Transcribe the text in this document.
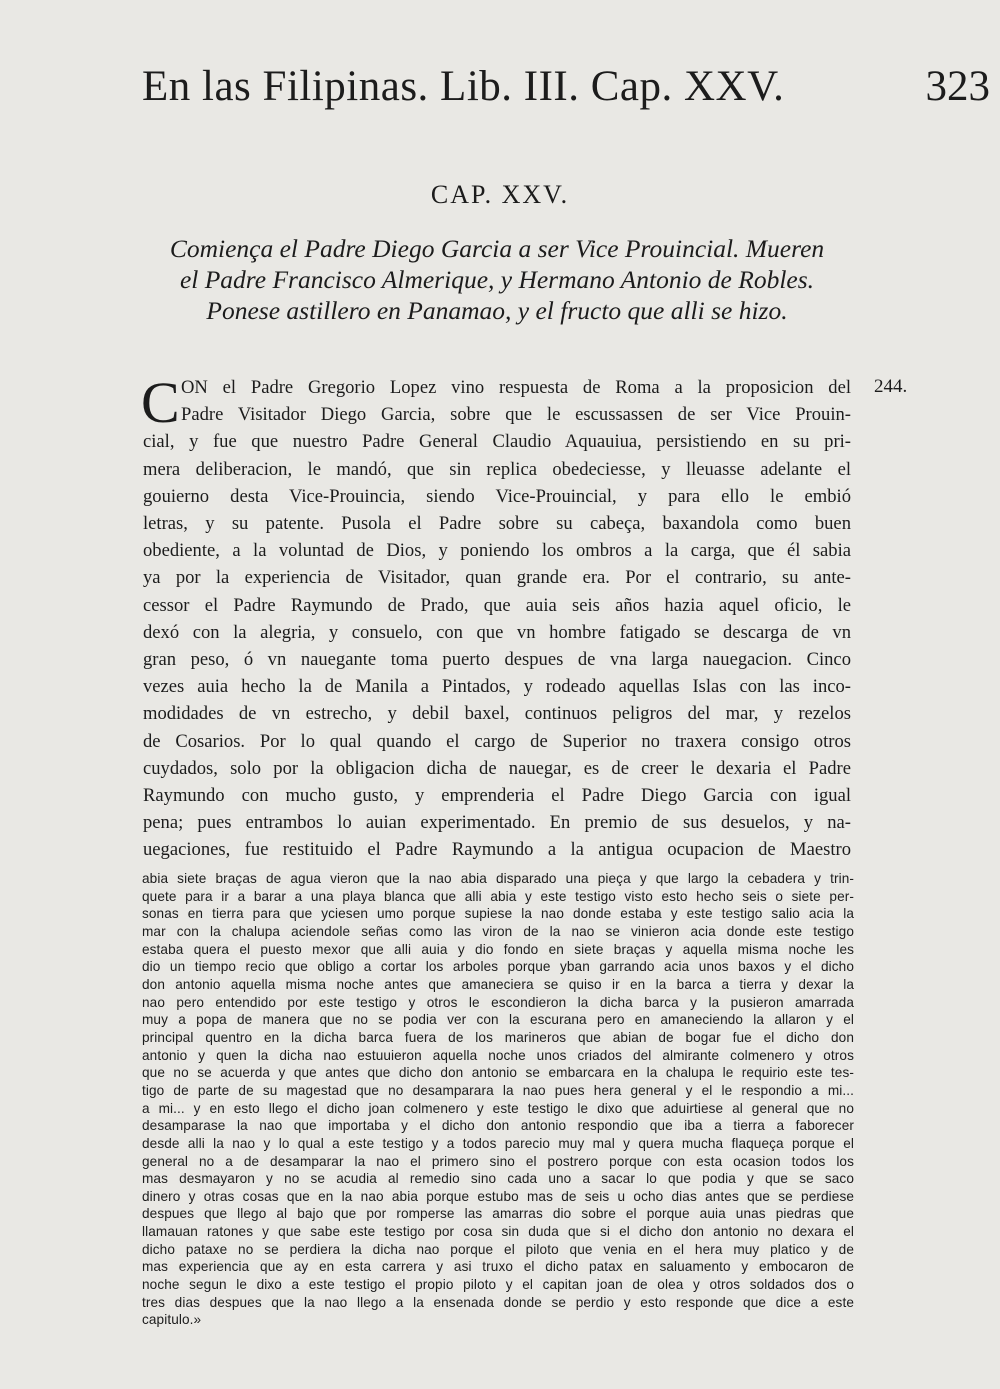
En las Filipinas. Lib. III. Cap. XXV.	323
CAP. XXV.
Comiença el Padre Diego Garcia a ser Vice Prouincial. Mueren
el Padre Francisco Almerique, y Hermano Antonio de Robles.
Ponese astillero en Panamao, y el fructo que alli se hizo.
C ON el Padre Gregorio Lopez vino respuesta de Roma a la proposicion del
Padre Visitador Diego Garcia, sobre que le escussassen de ser Vice Prouin-
cial, y fue que nuestro Padre General Claudio Aquauiua, persistiendo en su pri-
mera deliberacion, le mandó, que sin replica obedeciesse, y lleuasse adelante el
gouierno desta Vice-Prouincia, siendo Vice-Prouincial, y para ello le embió
letras, y su patente. Pusola el Padre sobre su cabeça, baxandola como buen
obediente, a la voluntad de Dios, y poniendo los ombros a la carga, que él sabia
ya por la experiencia de Visitador, quan grande era. Por el contrario, su ante-
cessor el Padre Raymundo de Prado, que auia seis años hazia aquel oficio, le
dexó con la alegria, y consuelo, con que vn hombre fatigado se descarga de vn
gran peso, ó vn nauegante toma puerto despues de vna larga nauegacion. Cinco
vezes auia hecho la de Manila a Pintados, y rodeado aquellas Islas con las inco-
modidades de vn estrecho, y debil baxel, continuos peligros del mar, y rezelos
de Cosarios. Por lo qual quando el cargo de Superior no traxera consigo otros
cuydados, solo por la obligacion dicha de nauegar, es de creer le dexaria el Padre
Raymundo con mucho gusto, y emprenderia el Padre Diego Garcia con igual
pena; pues entrambos lo auian experimentado. En premio de sus desuelos, y na-
uegaciones, fue restituido el Padre Raymundo a la antigua ocupacion de Maestro
244.
abia siete braças de agua vieron que la nao abia disparado una pieça y que largo la cebadera y trin-
quete para ir a barar a una playa blanca que alli abia y este testigo visto esto hecho seis o siete per-
sonas en tierra para que yciesen umo porque supiese la nao donde estaba y este testigo salio acia la
mar con la chalupa aciendole señas como las viron de la nao se vinieron acia donde este testigo
estaba quera el puesto mexor que alli auia y dio fondo en siete braças y aquella misma noche les
dio un tiempo recio que obligo a cortar los arboles porque yban garrando acia unos baxos y el dicho
don antonio aquella misma noche antes que amaneciera se quiso ir en la barca a tierra y dexar la
nao pero entendido por este testigo y otros le escondieron la dicha barca y la pusieron amarrada
muy a popa de manera que no se podia ver con la escurana pero en amaneciendo la allaron y el
principal quentro en la dicha barca fuera de los marineros que abian de bogar fue el dicho don
antonio y quen la dicha nao estuuieron aquella noche unos criados del almirante colmenero y otros
que no se acuerda y que antes que dicho don antonio se embarcara en la chalupa le requirio este tes-
tigo de parte de su magestad que no desamparara la nao pues hera general y el le respondio a mi...
a mi... y en esto llego el dicho joan colmenero y este testigo le dixo que aduirtiese al general que no
desamparase la nao que importaba y el dicho don antonio respondio que iba a tierra a faborecer
desde alli la nao y lo qual a este testigo y a todos parecio muy mal y quera mucha flaqueça porque el
general no a de desamparar la nao el primero sino el postrero porque con esta ocasion todos los
mas desmayaron y no se acudia al remedio sino cada uno a sacar lo que podia y que se saco
dinero y otras cosas que en la nao abia porque estubo mas de seis u ocho dias antes que se perdiese
despues que llego al bajo que por romperse las amarras dio sobre el porque auia unas piedras que
llamauan ratones y que sabe este testigo por cosa sin duda que si el dicho don antonio no dexara el
dicho pataxe no se perdiera la dicha nao porque el piloto que venia en el hera muy platico y de
mas experiencia que ay en esta carrera y asi truxo el dicho patax en saluamento y embocaron de
noche segun le dixo a este testigo el propio piloto y el capitan joan de olea y otros soldados dos o
tres dias despues que la nao llego a la ensenada donde se perdio y esto responde que dice a este
capitulo.»
